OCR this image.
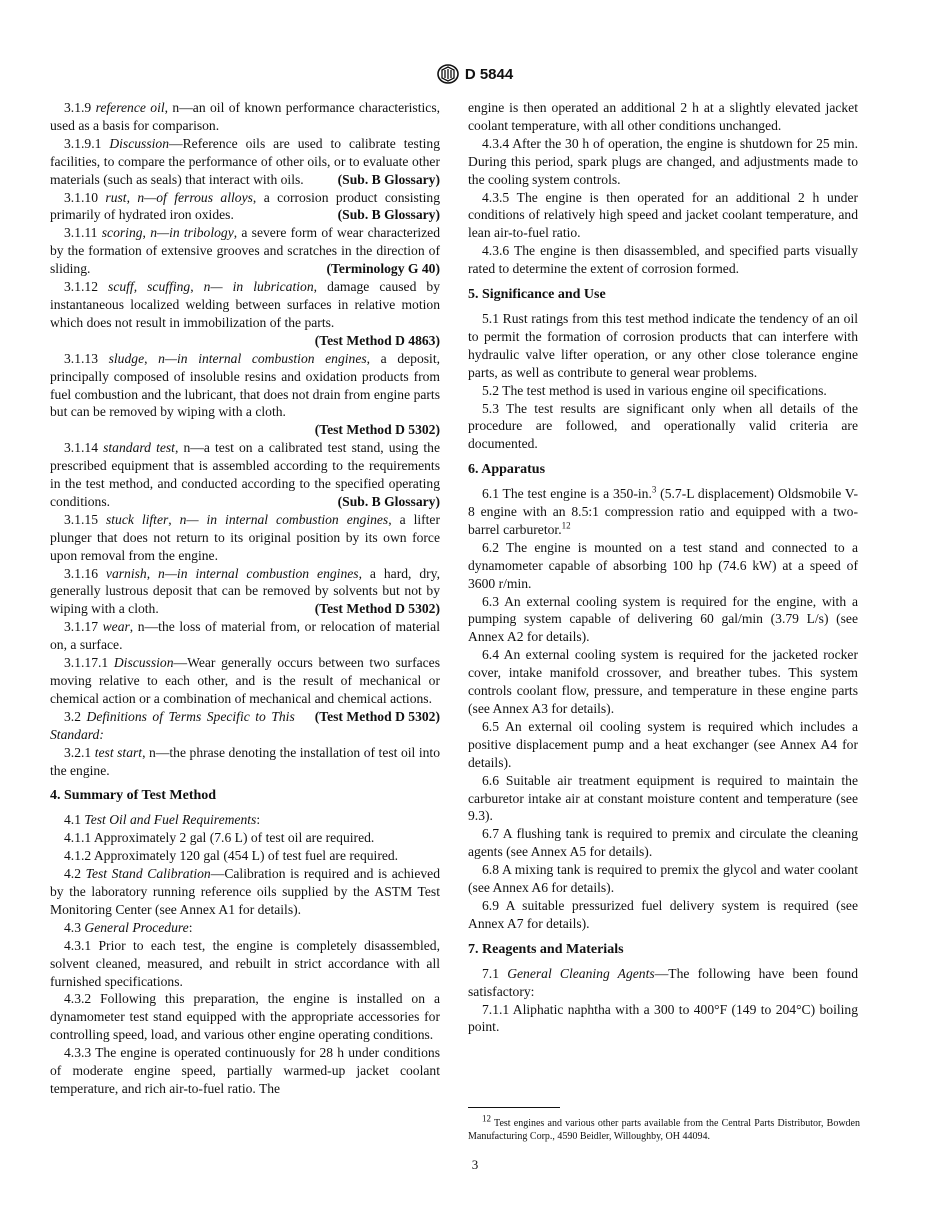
D 5844

3.1.9 reference oil, n—an oil of known performance characteristics, used as a basis for comparison.

3.1.9.1 Discussion—Reference oils are used to calibrate testing facilities, to compare the performance of other oils, or to evaluate other materials (such as seals) that interact with oils.	(Sub. B Glossary)

3.1.10 rust, n—of ferrous alloys, a corrosion product consisting primarily of hydrated iron oxides.	(Sub. B Glossary)

3.1.11 scoring, n—in tribology, a severe form of wear characterized by the formation of extensive grooves and scratches in the direction of sliding.	(Terminology G 40)

3.1.12 scuff, scuffing, n— in lubrication, damage caused by instantaneous localized welding between surfaces in relative motion which does not result in immobilization of the parts.
(Test Method D 4863)

3.1.13 sludge, n—in internal combustion engines, a deposit, principally composed of insoluble resins and oxidation products from fuel combustion and the lubricant, that does not drain from engine parts but can be removed by wiping with a cloth.
(Test Method D 5302)

3.1.14 standard test, n—a test on a calibrated test stand, using the prescribed equipment that is assembled according to the requirements in the test method, and conducted according to the specified operating conditions.	(Sub. B Glossary)

3.1.15 stuck lifter, n— in internal combustion engines, a lifter plunger that does not return to its original position by its own force upon removal from the engine.

3.1.16 varnish, n—in internal combustion engines, a hard, dry, generally lustrous deposit that can be removed by solvents but not by wiping with a cloth.	(Test Method D 5302)

3.1.17 wear, n—the loss of material from, or relocation of material on, a surface.

3.1.17.1 Discussion—Wear generally occurs between two surfaces moving relative to each other, and is the result of mechanical or chemical action or a combination of mechanical and chemical actions.
(Test Method D 5302)

3.2 Definitions of Terms Specific to This Standard:

3.2.1 test start, n—the phrase denoting the installation of test oil into the engine.

4. Summary of Test Method

4.1 Test Oil and Fuel Requirements:

4.1.1 Approximately 2 gal (7.6 L) of test oil are required.

4.1.2 Approximately 120 gal (454 L) of test fuel are required.

4.2 Test Stand Calibration—Calibration is required and is achieved by the laboratory running reference oils supplied by the ASTM Test Monitoring Center (see Annex A1 for details).

4.3 General Procedure:

4.3.1 Prior to each test, the engine is completely disassembled, solvent cleaned, measured, and rebuilt in strict accordance with all furnished specifications.

4.3.2 Following this preparation, the engine is installed on a dynamometer test stand equipped with the appropriate accessories for controlling speed, load, and various other engine operating conditions.

4.3.3 The engine is operated continuously for 28 h under conditions of moderate engine speed, partially warmed-up jacket coolant temperature, and rich air-to-fuel ratio. The

engine is then operated an additional 2 h at a slightly elevated jacket coolant temperature, with all other conditions unchanged.

4.3.4 After the 30 h of operation, the engine is shutdown for 25 min. During this period, spark plugs are changed, and adjustments made to the cooling system controls.

4.3.5 The engine is then operated for an additional 2 h under conditions of relatively high speed and jacket coolant temperature, and lean air-to-fuel ratio.

4.3.6 The engine is then disassembled, and specified parts visually rated to determine the extent of corrosion formed.

5. Significance and Use

5.1 Rust ratings from this test method indicate the tendency of an oil to permit the formation of corrosion products that can interfere with hydraulic valve lifter operation, or any other close tolerance engine parts, as well as contribute to general wear problems.

5.2 The test method is used in various engine oil specifications.

5.3 The test results are significant only when all details of the procedure are followed, and operationally valid criteria are documented.

6. Apparatus

6.1 The test engine is a 350-in.$^3$ (5.7-L displacement) Oldsmobile V-8 engine with an 8.5:1 compression ratio and equipped with a two-barrel carburetor.$^{12}$

6.2 The engine is mounted on a test stand and connected to a dynamometer capable of absorbing 100 hp (74.6 kW) at a speed of 3600 r/min.

6.3 An external cooling system is required for the engine, with a pumping system capable of delivering 60 gal/min (3.79 L/s) (see Annex A2 for details).

6.4 An external cooling system is required for the jacketed rocker cover, intake manifold crossover, and breather tubes. This system controls coolant flow, pressure, and temperature in these engine parts (see Annex A3 for details).

6.5 An external oil cooling system is required which includes a positive displacement pump and a heat exchanger (see Annex A4 for details).

6.6 Suitable air treatment equipment is required to maintain the carburetor intake air at constant moisture content and temperature (see 9.3).

6.7 A flushing tank is required to premix and circulate the cleaning agents (see Annex A5 for details).

6.8 A mixing tank is required to premix the glycol and water coolant (see Annex A6 for details).

6.9 A suitable pressurized fuel delivery system is required (see Annex A7 for details).

7. Reagents and Materials

7.1 General Cleaning Agents—The following have been found satisfactory:

7.1.1 Aliphatic naphtha with a 300 to 400°F (149 to 204°C) boiling point.

$^{12}$ Test engines and various other parts available from the Central Parts Distributor, Bowden Manufacturing Corp., 4590 Beidler, Willoughby, OH 44094.
3
